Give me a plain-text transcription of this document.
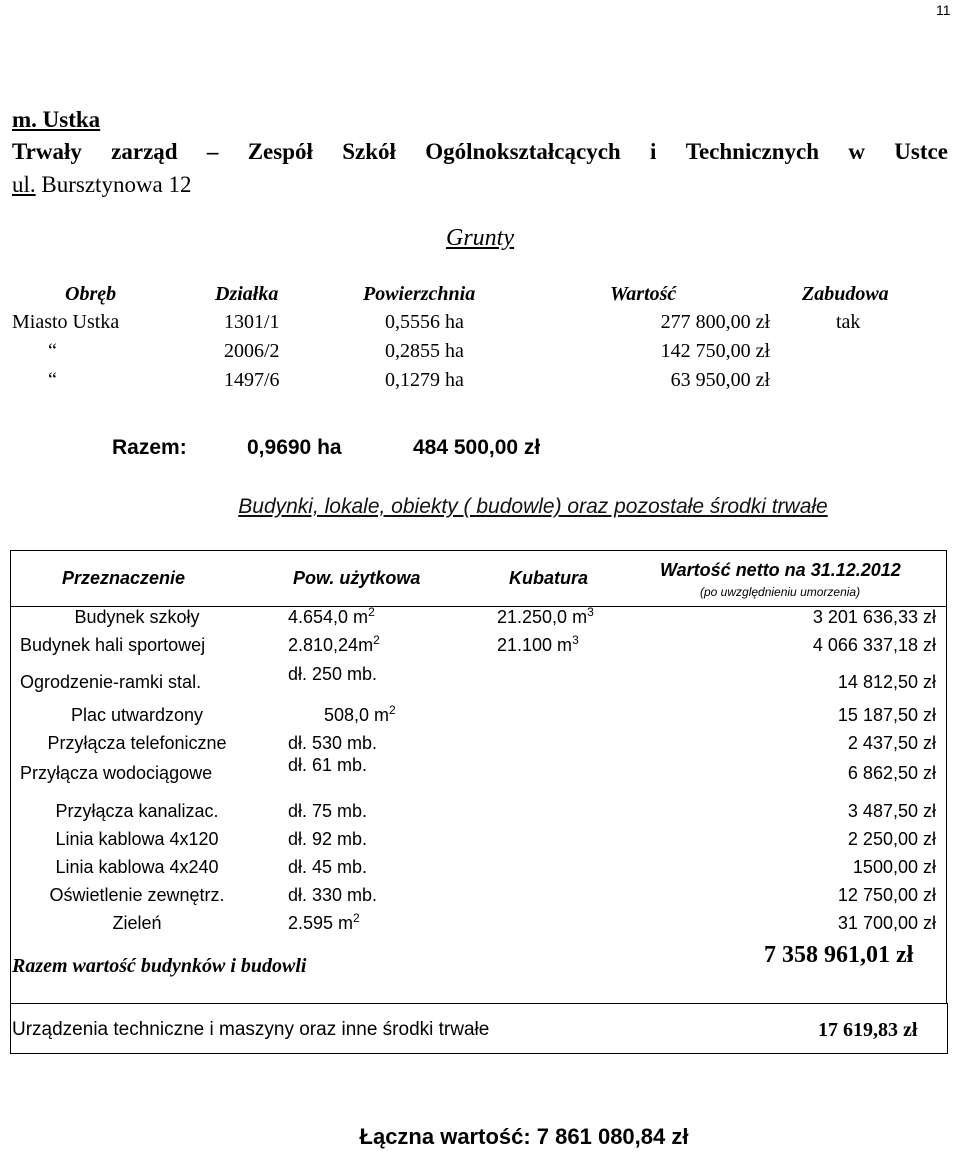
11
m. Ustka
Trwały zarząd – Zespół Szkół Ogólnokształcących i Technicznych w Ustce
ul. Bursztynowa 12
Grunty
Obręb	Działka	Powierzchnia	Wartość	Zabudowa
Miasto Ustka	1301/1	0,5556 ha	277 800,00 zł	tak
“	2006/2	0,2855 ha	142 750,00 zł
“	1497/6	0,1279 ha	63 950,00 zł
Razem:	0,9690 ha	484 500,00 zł
Budynki, lokale, obiekty ( budowle) oraz pozostałe środki trwałe
Przeznaczenie	Pow. użytkowa	Kubatura	Wartość netto na 31.12.2012
(po uwzględnieniu umorzenia)
Budynek szkoły	4.654,0 $m^2$	21.250,0 $m^3$	3 201 636,33 zł
Budynek hali sportowej	$2.810,24m^2$	21.100 $m^3$	4 066 337,18 zł
Ogrodzenie-ramki stal.	dł. 250 mb.	14 812,50 zł
Plac utwardzony	508,0 $m^2$	15 187,50 zł
Przyłącza telefoniczne	dł. 530 mb.	2 437,50 zł
Przyłącza wodociągowe	dł. 61 mb.	6 862,50 zł
Przyłącza kanalizac.	dł. 75 mb.	3 487,50 zł
Linia kablowa 4x120	dł. 92 mb.	2 250,00 zł
Linia kablowa 4x240	dł. 45 mb.	1500,00 zł
Oświetlenie zewnętrz.	dł. 330 mb.	12 750,00 zł
Zieleń	2.595 $m^2$	31 700,00 zł
Razem wartość budynków i budowli	7 358 961,01 zł
Urządzenia techniczne i maszyny oraz inne środki trwałe	17 619,83 zł
Łączna wartość: 7 861 080,84 zł
